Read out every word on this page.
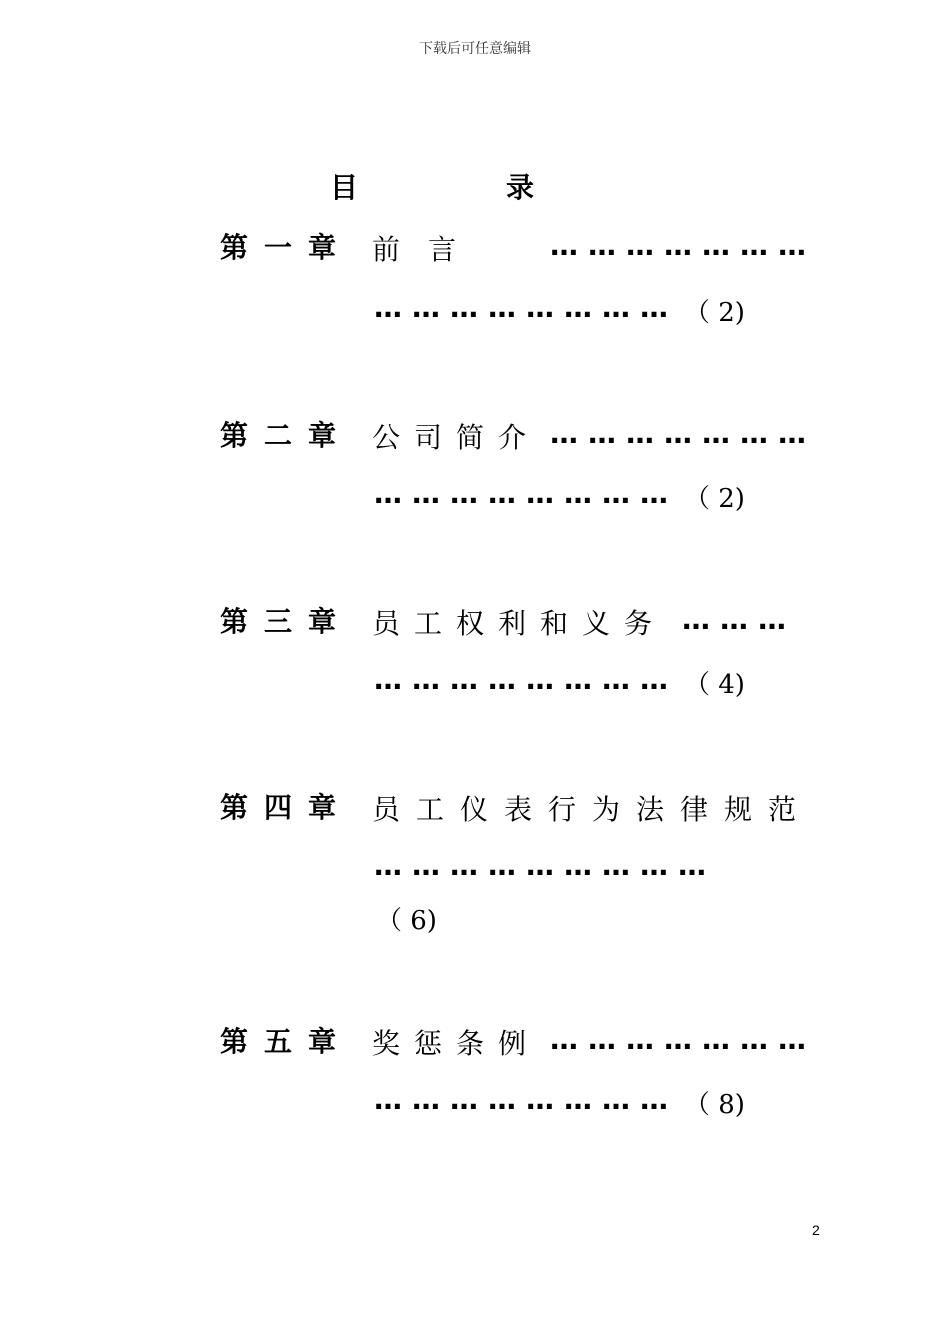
下载后可任意编辑
目	录
第一章 前　言	…………………
…………………… （ 2)
第二章 公司简介 …………………
…………………… （ 2)
第三章 员工权利和义务 ………
…………………… （ 4)
第四章 员工仪表行为法律规范
………………………
（ 6)
第五章 奖惩条例 …………………
…………………… （ 8)
2
